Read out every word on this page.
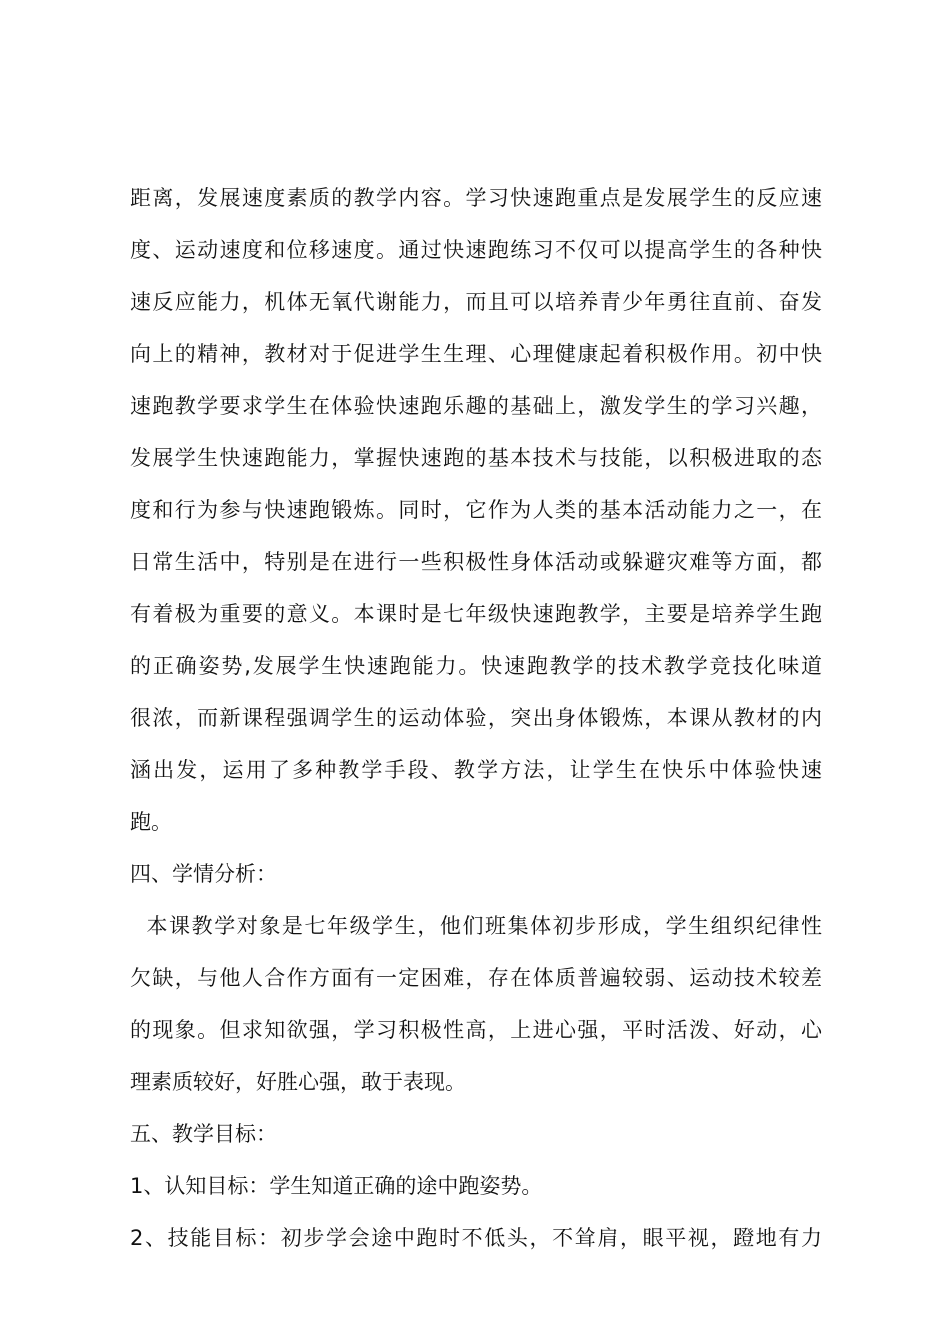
距离，发展速度素质的教学内容。学习快速跑重点是发展学生的反应速
度、运动速度和位移速度。通过快速跑练习不仅可以提高学生的各种快
速反应能力，机体无氧代谢能力，而且可以培养青少年勇往直前、奋发
向上的精神，教材对于促进学生生理、心理健康起着积极作用。初中快
速跑教学要求学生在体验快速跑乐趣的基础上，激发学生的学习兴趣，
发展学生快速跑能力，掌握快速跑的基本技术与技能，以积极进取的态
度和行为参与快速跑锻炼。同时，它作为人类的基本活动能力之一，在
日常生活中，特别是在进行一些积极性身体活动或躲避灾难等方面，都
有着极为重要的意义。本课时是七年级快速跑教学，主要是培养学生跑
的正确姿势,发展学生快速跑能力。快速跑教学的技术教学竞技化味道
很浓，而新课程强调学生的运动体验，突出身体锻炼，本课从教材的内
涵出发，运用了多种教学手段、教学方法，让学生在快乐中体验快速
跑。
四、学情分析：
本课教学对象是七年级学生，他们班集体初步形成，学生组织纪律性
欠缺，与他人合作方面有一定困难，存在体质普遍较弱、运动技术较差
的现象。但求知欲强，学习积极性高，上进心强，平时活泼、好动，心
理素质较好，好胜心强，敢于表现。
五、教学目标：
1、认知目标：学生知道正确的途中跑姿势。
2、技能目标：初步学会途中跑时不低头，不耸肩，眼平视，蹬地有力
